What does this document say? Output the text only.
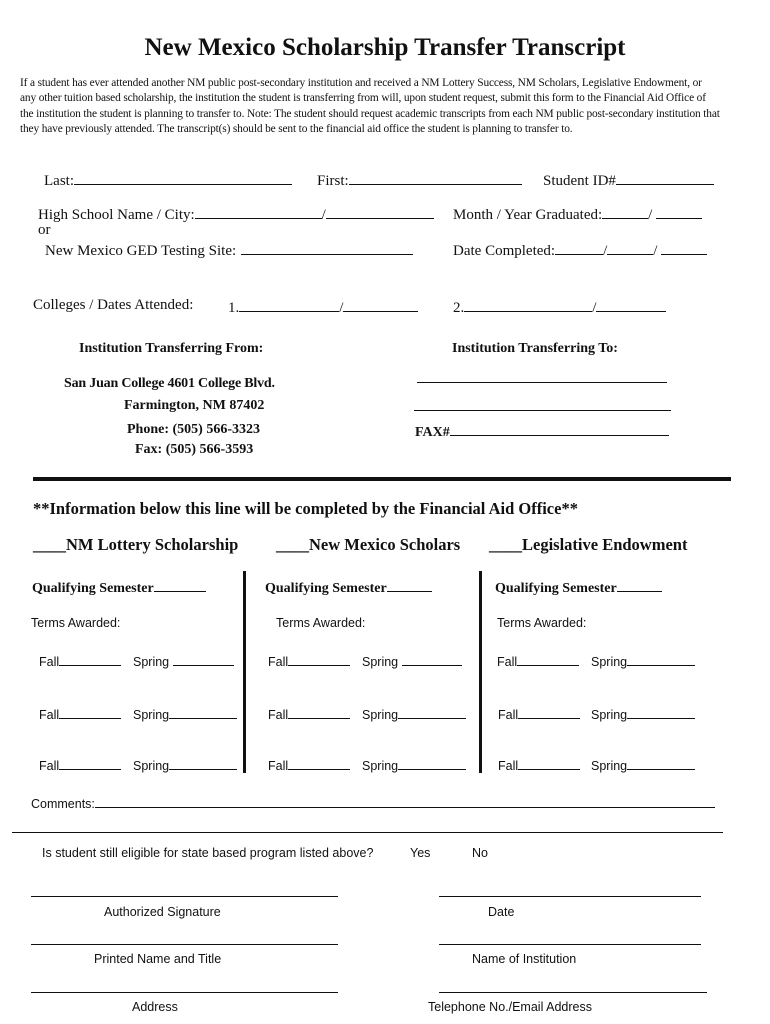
New Mexico Scholarship Transfer Transcript
If a student has ever attended another NM public post-secondary institution and received a NM Lottery Success, NM Scholars, Legislative Endowment, or any other tuition based scholarship, the institution the student is transferring from will, upon student request, submit this form to the Financial Aid Office of the institution the student is planning to transfer to. Note: The student should request academic transcripts from each NM public post-secondary institution that they have previously attended. The transcript(s) should be sent to the financial aid office the student is planning to transfer to.
Last:	First:	Student ID#
High School Name / City:	/	Month / Year Graduated:	/
or
New Mexico GED Testing Site:	Date Completed:	/	/
Colleges / Dates Attended: 1.	/	2.	/
Institution Transferring From:	Institution Transferring To:
San Juan College 4601 College Blvd.
Farmington, NM 87402
Phone: (505) 566-3323
Fax: (505) 566-3593
FAX#
**Information below this line will be completed by the Financial Aid Office**
____NM Lottery Scholarship ____New Mexico Scholars ____Legislative Endowment
Qualifying Semester
Terms Awarded:
Fall	Spring
Fall	Spring
Fall	Spring
Qualifying Semester
Terms Awarded:
Fall	Spring
Fall	Spring
Fall	Spring
Qualifying Semester
Terms Awarded:
Fall	Spring
Fall	Spring
Fall	Spring
Comments:
Is student still eligible for state based program listed above?	Yes	No
Authorized Signature	Date
Printed Name and Title	Name of Institution
Address	Telephone No./Email Address
